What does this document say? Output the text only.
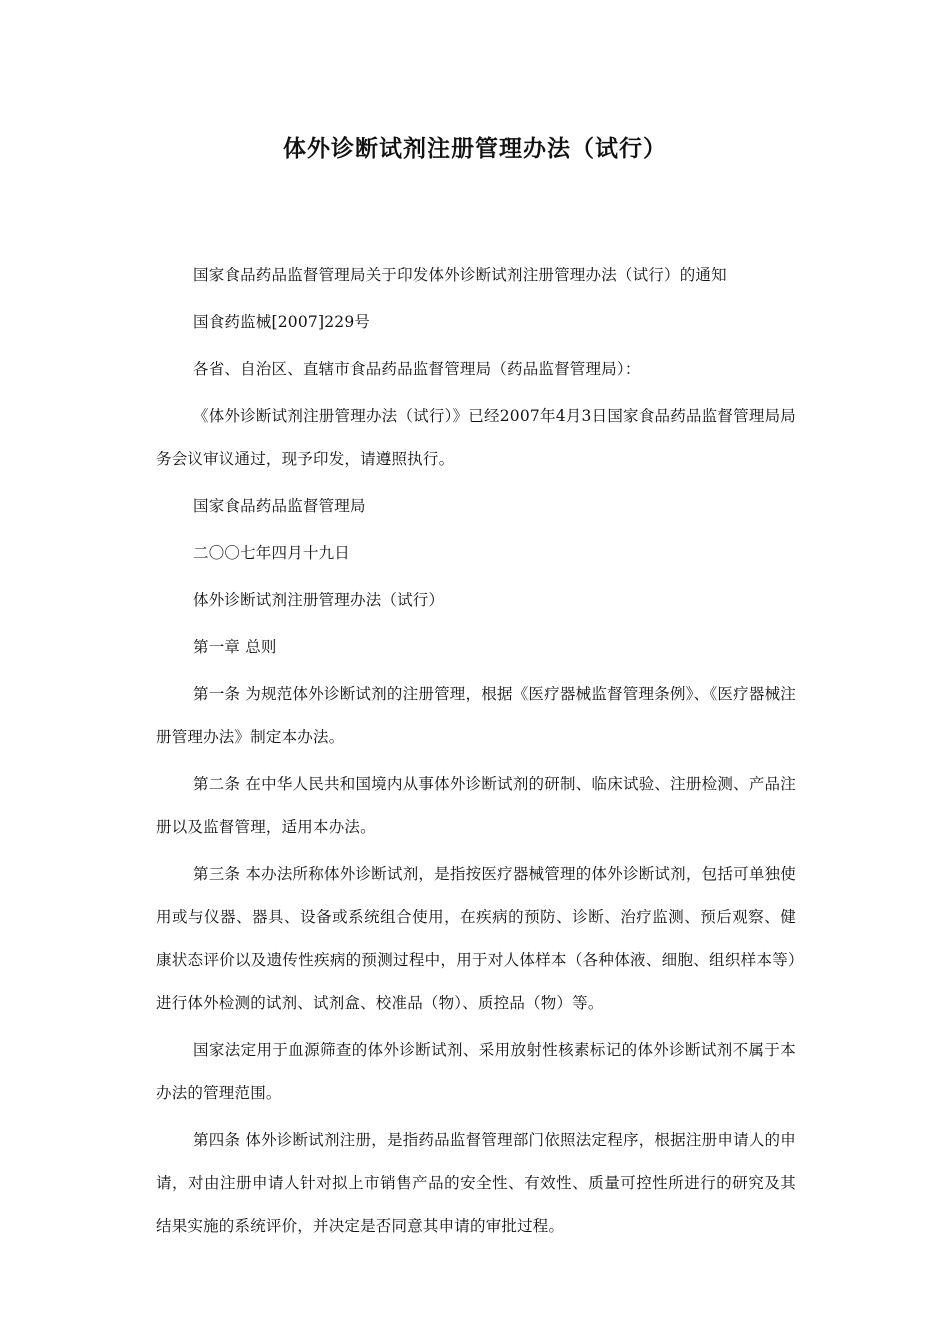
体外诊断试剂注册管理办法（试行）

国家食品药品监督管理局关于印发体外诊断试剂注册管理办法（试行）的通知

国食药监械[2007]229号

各省、自治区、直辖市食品药品监督管理局（药品监督管理局）：

《体外诊断试剂注册管理办法（试行）》已经2007年4月3日国家食品药品监督管理局局务会议审议通过，现予印发，请遵照执行。

国家食品药品监督管理局

二〇〇七年四月十九日

体外诊断试剂注册管理办法（试行）

第一章 总则

第一条 为规范体外诊断试剂的注册管理，根据《医疗器械监督管理条例》、《医疗器械注册管理办法》制定本办法。

第二条 在中华人民共和国境内从事体外诊断试剂的研制、临床试验、注册检测、产品注册以及监督管理，适用本办法。

第三条 本办法所称体外诊断试剂，是指按医疗器械管理的体外诊断试剂，包括可单独使用或与仪器、器具、设备或系统组合使用，在疾病的预防、诊断、治疗监测、预后观察、健康状态评价以及遗传性疾病的预测过程中，用于对人体样本（各种体液、细胞、组织样本等）进行体外检测的试剂、试剂盒、校准品（物）、质控品（物）等。

国家法定用于血源筛查的体外诊断试剂、采用放射性核素标记的体外诊断试剂不属于本办法的管理范围。

第四条 体外诊断试剂注册，是指药品监督管理部门依照法定程序，根据注册申请人的申请，对由注册申请人针对拟上市销售产品的安全性、有效性、质量可控性所进行的研究及其结果实施的系统评价，并决定是否同意其申请的审批过程。
